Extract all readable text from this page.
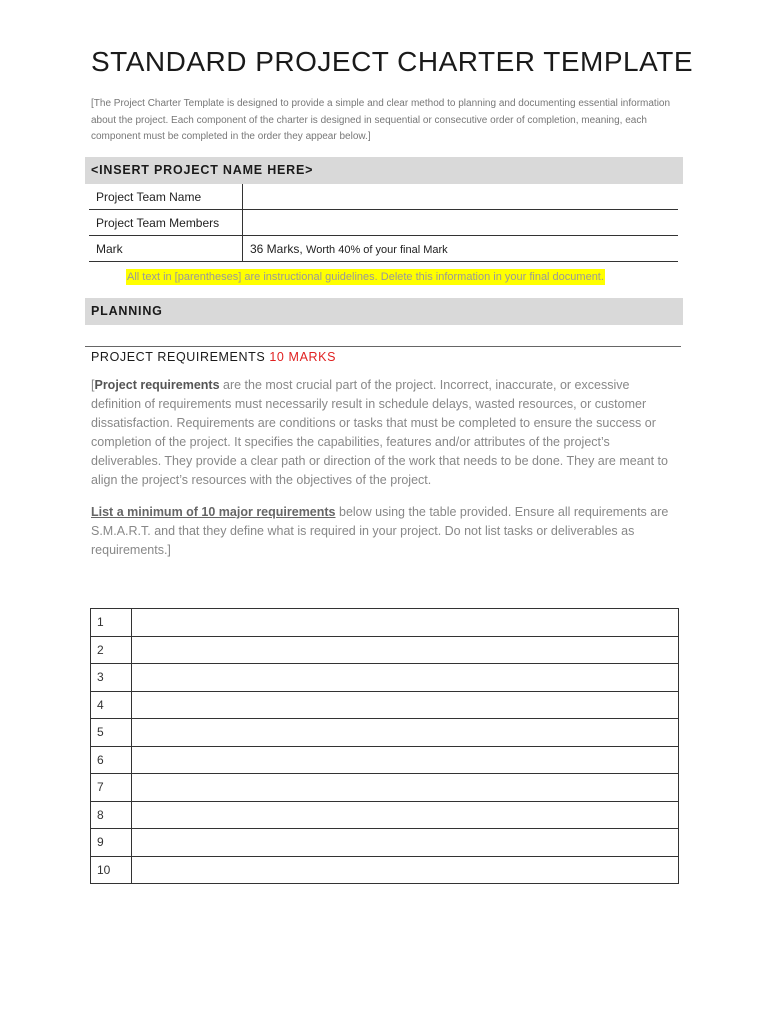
STANDARD PROJECT CHARTER TEMPLATE
[The Project Charter Template is designed to provide a simple and clear method to planning and documenting essential information about the project. Each component of the charter is designed in sequential or consecutive order of completion, meaning, each component must be completed in the order they appear below.]
<INSERT PROJECT NAME HERE>
Project Team Name	
Project Team Members	
Mark	36 Marks, Worth 40% of your final Mark
All text in [parentheses] are instructional guidelines. Delete this information in your final document.
PLANNING
PROJECT REQUIREMENTS 10 MARKS
[Project requirements are the most crucial part of the project. Incorrect, inaccurate, or excessive definition of requirements must necessarily result in schedule delays, wasted resources, or customer dissatisfaction. Requirements are conditions or tasks that must be completed to ensure the success or completion of the project. It specifies the capabilities, features and/or attributes of the project’s deliverables. They provide a clear path or direction of the work that needs to be done. They are meant to align the project’s resources with the objectives of the project.
List a minimum of 10 major requirements below using the table provided. Ensure all requirements are S.M.A.R.T. and that they define what is required in your project. Do not list tasks or deliverables as requirements.]
1	
2	
3	
4	
5	
6	
7	
8	
9	
10	
